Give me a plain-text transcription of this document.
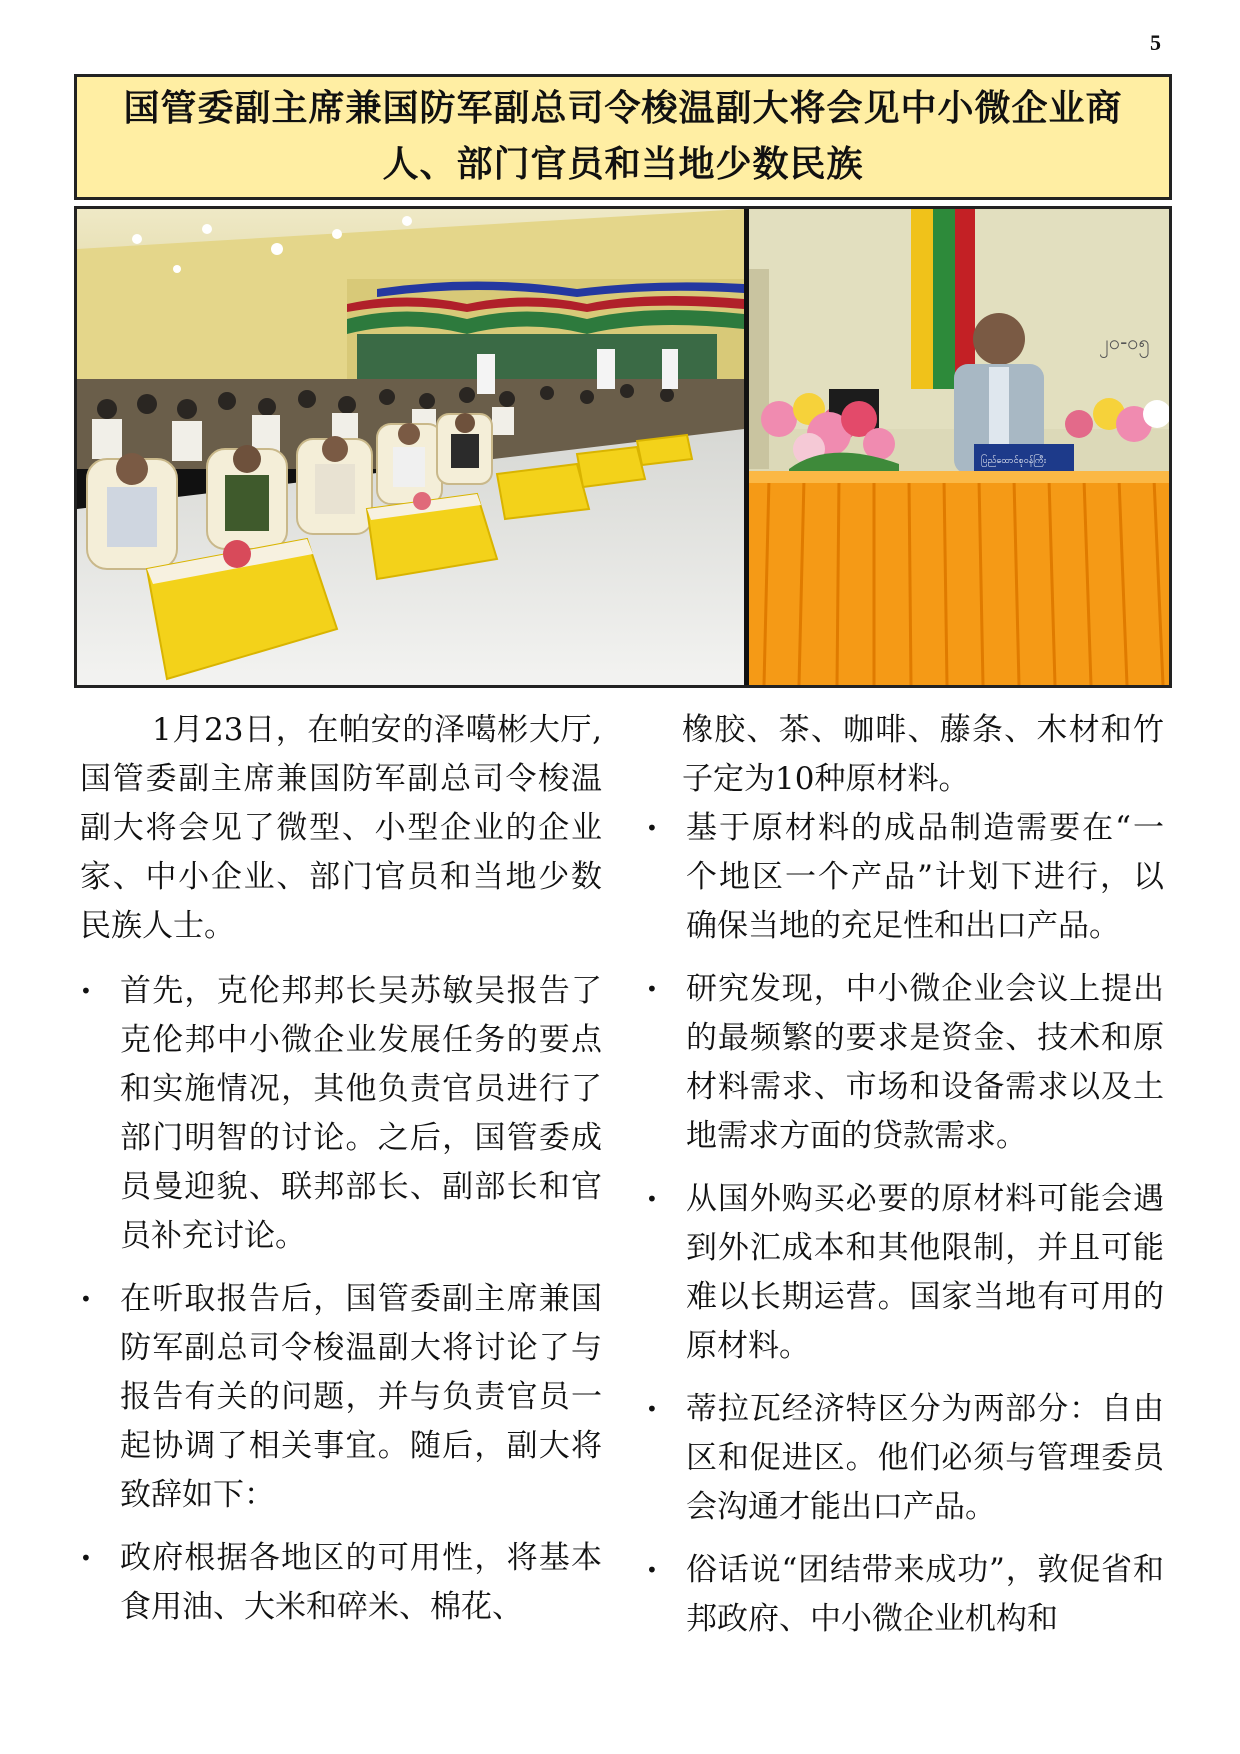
5
国管委副主席兼国防军副总司令梭温副大将会见中小微企业商
人、部门官员和当地少数民族
၂၀-၀၅
ပြည်ထောင်စုဝန်ကြီး

1月23日，在帕安的泽噶彬大厅,国管委副主席兼国防军副总司令梭温副大将会见了微型、小型企业的企业家、中小企业、部门官员和当地少数民族人士。

• 首先，克伦邦邦长吴苏敏吴报告了克伦邦中小微企业发展任务的要点和实施情况，其他负责官员进行了部门明智的讨论。之后，国管委成员曼迎貌、联邦部长、副部长和官员补充讨论。
• 在听取报告后，国管委副主席兼国防军副总司令梭温副大将讨论了与报告有关的问题，并与负责官员一起协调了相关事宜。随后，副大将致辞如下：
• 政府根据各地区的可用性，将基本食用油、大米和碎米、棉花、

橡胶、茶、咖啡、藤条、木材和竹子定为10种原材料。

• 基于原材料的成品制造需要在“一个地区一个产品”计划下进行，以确保当地的充足性和出口产品。
• 研究发现，中小微企业会议上提出的最频繁的要求是资金、技术和原材料需求、市场和设备需求以及土地需求方面的贷款需求。
• 从国外购买必要的原材料可能会遇到外汇成本和其他限制，并且可能难以长期运营。国家当地有可用的原材料。
• 蒂拉瓦经济特区分为两部分：自由区和促进区。他们必须与管理委员会沟通才能出口产品。
• 俗话说“团结带来成功”，敦促省和邦政府、中小微企业机构和
